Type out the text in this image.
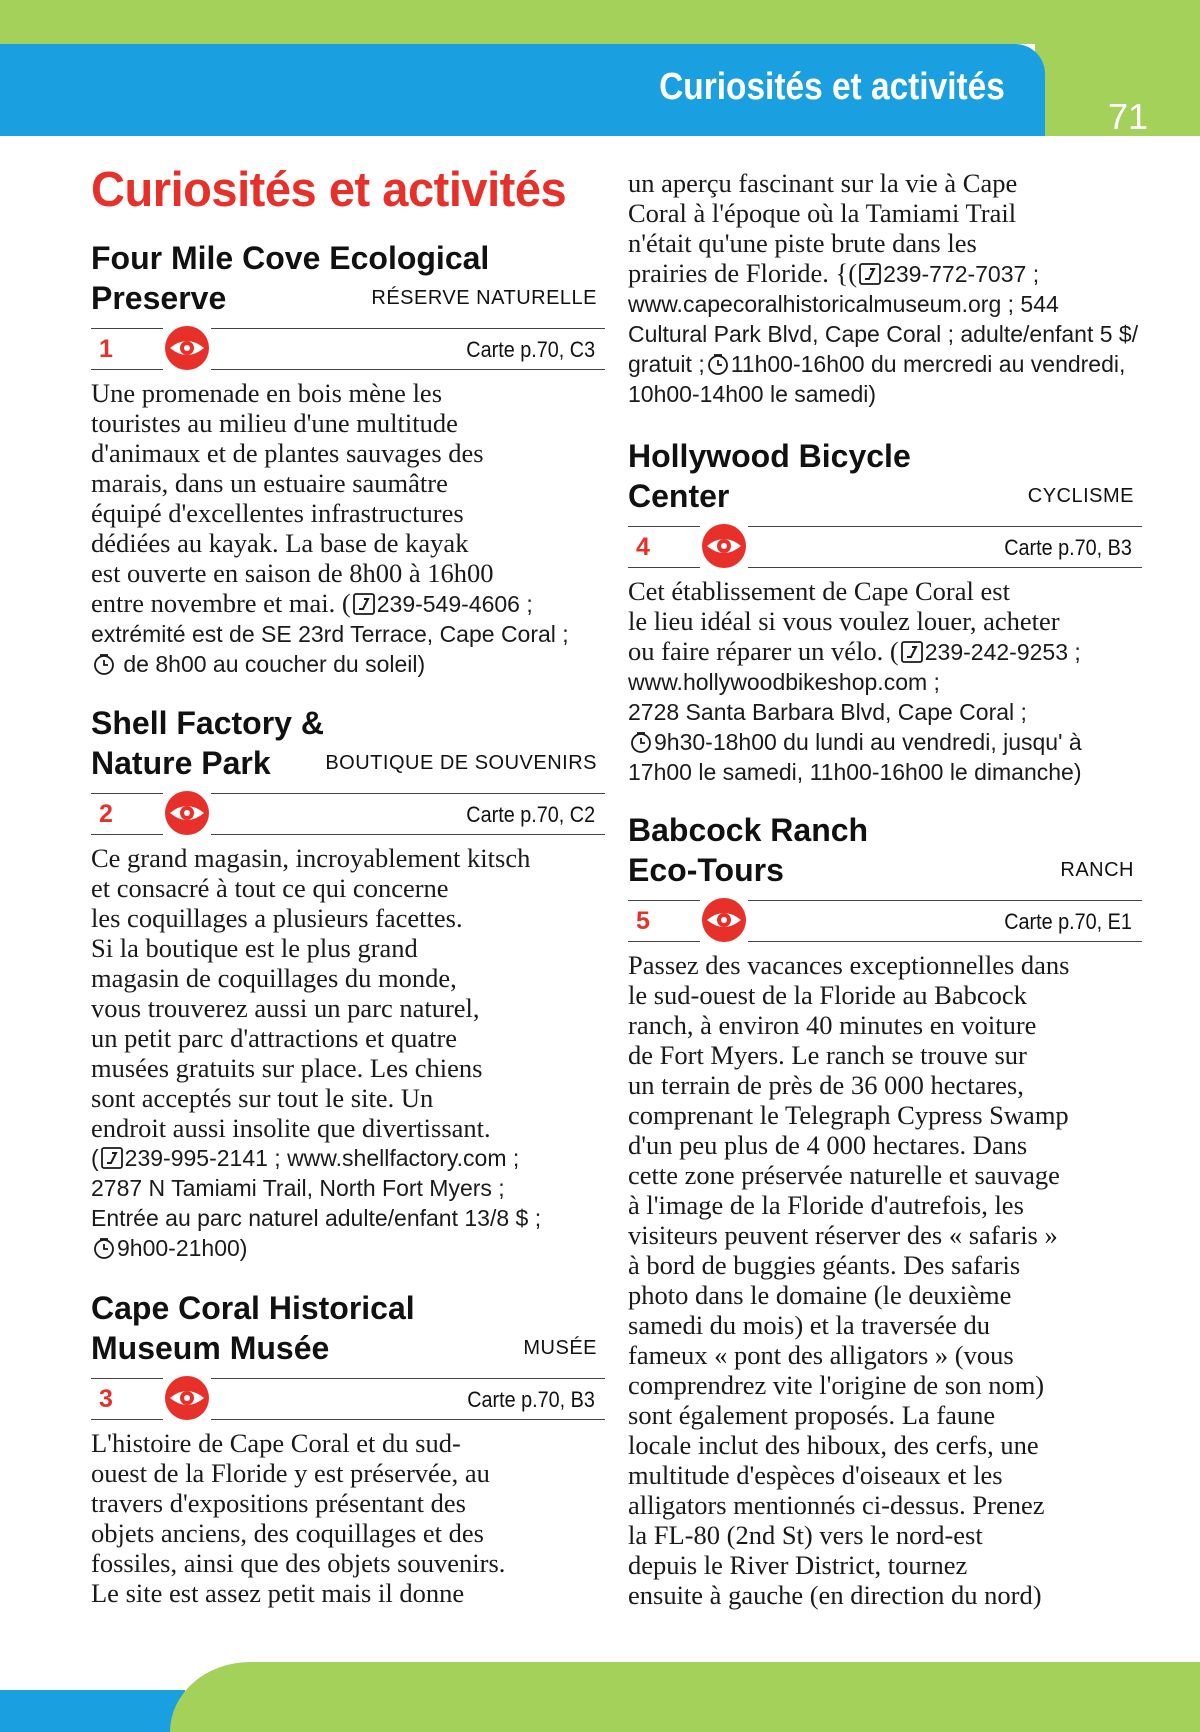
71
Curiosités et activités
Curiosités et activités
Four Mile Cove Ecological
Preserve	RÉSERVE NATURELLE
1	Carte p.70, C3
Une promenade en bois mène les
touristes au milieu d'une multitude
d'animaux et de plantes sauvages des
marais, dans un estuaire saumâtre
équipé d'excellentes infrastructures
dédiées au kayak. La base de kayak
est ouverte en saison de 8h00 à 16h00
entre novembre et mai. ( 239-549-4606 ;
extrémité est de SE 23rd Terrace, Cape Coral ;
de 8h00 au coucher du soleil)
Shell Factory &
Nature Park	BOUTIQUE DE SOUVENIRS
2	Carte p.70, C2
Ce grand magasin, incroyablement kitsch
et consacré à tout ce qui concerne
les coquillages a plusieurs facettes.
Si la boutique est le plus grand
magasin de coquillages du monde,
vous trouverez aussi un parc naturel,
un petit parc d'attractions et quatre
musées gratuits sur place. Les chiens
sont acceptés sur tout le site. Un
endroit aussi insolite que divertissant.
( 239-995-2141 ; www.shellfactory.com ;
2787 N Tamiami Trail, North Fort Myers ;
Entrée au parc naturel adulte/enfant 13/8 $ ;
9h00-21h00)
Cape Coral Historical
Museum Musée	MUSÉE
3	Carte p.70, B3
L'histoire de Cape Coral et du sud-
ouest de la Floride y est préservée, au
travers d'expositions présentant des
objets anciens, des coquillages et des
fossiles, ainsi que des objets souvenirs.
Le site est assez petit mais il donne
un aperçu fascinant sur la vie à Cape
Coral à l'époque où la Tamiami Trail
n'était qu'une piste brute dans les
prairies de Floride. {( 239-772-7037 ;
www.capecoralhistoricalmuseum.org ; 544
Cultural Park Blvd, Cape Coral ; adulte/enfant 5 $/
gratuit ; 11h00-16h00 du mercredi au vendredi,
10h00-14h00 le samedi)
Hollywood Bicycle
Center	CYCLISME
4	Carte p.70, B3
Cet établissement de Cape Coral est
le lieu idéal si vous voulez louer, acheter
ou faire réparer un vélo. ( 239-242-9253 ;
www.hollywoodbikeshop.com ;
2728 Santa Barbara Blvd, Cape Coral ;
9h30-18h00 du lundi au vendredi, jusqu' à
17h00 le samedi, 11h00-16h00 le dimanche)
Babcock Ranch
Eco-Tours	RANCH
5	Carte p.70, E1
Passez des vacances exceptionnelles dans
le sud-ouest de la Floride au Babcock
ranch, à environ 40 minutes en voiture
de Fort Myers. Le ranch se trouve sur
un terrain de près de 36 000 hectares,
comprenant le Telegraph Cypress Swamp
d'un peu plus de 4 000 hectares. Dans
cette zone préservée naturelle et sauvage
à l'image de la Floride d'autrefois, les
visiteurs peuvent réserver des « safaris »
à bord de buggies géants. Des safaris
photo dans le domaine (le deuxième
samedi du mois) et la traversée du
fameux « pont des alligators » (vous
comprendrez vite l'origine de son nom)
sont également proposés. La faune
locale inclut des hiboux, des cerfs, une
multitude d'espèces d'oiseaux et les
alligators mentionnés ci-dessus. Prenez
la FL-80 (2nd St) vers le nord-est
depuis le River District, tournez
ensuite à gauche (en direction du nord)
